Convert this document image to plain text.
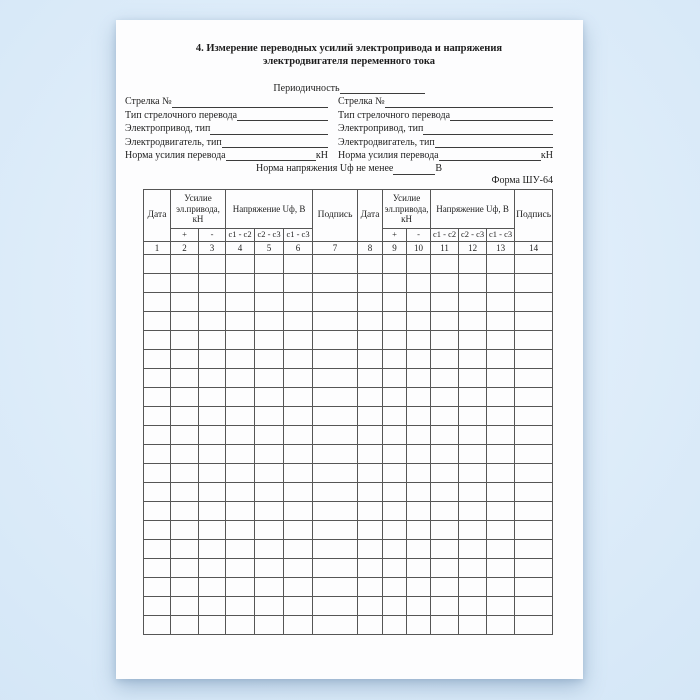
4. Измерение переводных усилий электропривода и напряжения
электродвигателя переменного тока
Периодичность
Стрелка №	Стрелка №
Тип стрелочного перевода	Тип стрелочного перевода
Электропривод, тип	Электропривод, тип
Электродвигатель, тип	Электродвигатель, тип
Норма усилия перевода	кН Норма усилия перевода	кН
Норма напряжения Uф не менее	В
Форма ШУ-64
Дата	Усилие эл.привода, кН		Напряжение Uф, В			Подпись	Дата	Усилие эл.привода, кН		Напряжение Uф, В			Подпись
	+	-	с1 - с2	с2 - с3	с1 - с3			+	-	с1 - с2	с2 - с3	с1 - с3	
1	2	3	4	5	6	7	8	9	10	11	12	13	14
